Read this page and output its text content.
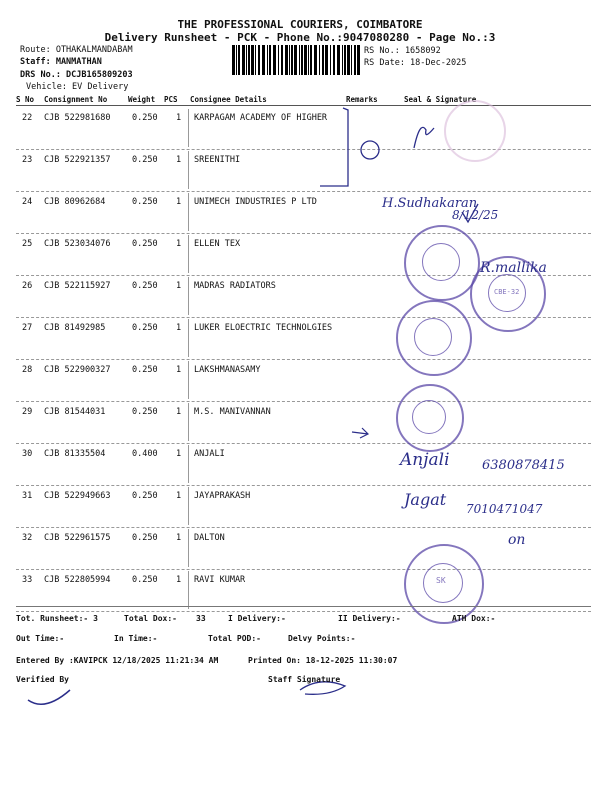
THE PROFESSIONAL COURIERS, COIMBATORE
Delivery Runsheet - PCK - Phone No.:9047080280 - Page No.:3
Route: OTHAKALMANDABAM
Staff: MANMATHAN
DRS No.: DCJB165809203
Vehicle: EV Delivery
RS No.: 1658092
RS Date: 18-Dec-2025
S No Consignment No	Weight PCS Consignee Details	Remarks	Seal & Signature
22 CJB 522981680	0.250 1 KARPAGAM ACADEMY OF HIGHER
23 CJB 522921357	0.250 1 SREENITHI
24 CJB 80962684	0.250 1 UNIMECH INDUSTRIES P LTD
25 CJB 523034076	0.250 1 ELLEN TEX
26 CJB 522115927	0.250 1 MADRAS RADIATORS
27 CJB 81492985	0.250 1 LUKER ELOECTRIC TECHNOLGIES
28 CJB 522900327	0.250 1 LAKSHMANASAMY
29 CJB 81544031	0.250 1 M.S. MANIVANNAN
30 CJB 81335504	0.400 1 ANJALI
31 CJB 522949663	0.250 1 JAYAPRAKASH
32 CJB 522961575	0.250 1 DALTON
33 CJB 522805994	0.250 1 RAVI KUMAR
CBE-32
SK
H.Sudhakaran
8/12/25
R.mallika
Anjali 6380878415
Jagat 7010471047
on
Tot. Runsheet:- 3	Total Dox:- 33	I Delivery:-	II Delivery:-	ATH Dox:-
Out Time:-	In Time:-	Total POD:-	Delvy Points:-
Entered By :KAVIPCK 12/18/2025 11:21:34 AM	Printed On: 18-12-2025 11:30:07
Verified By	Staff Signature
